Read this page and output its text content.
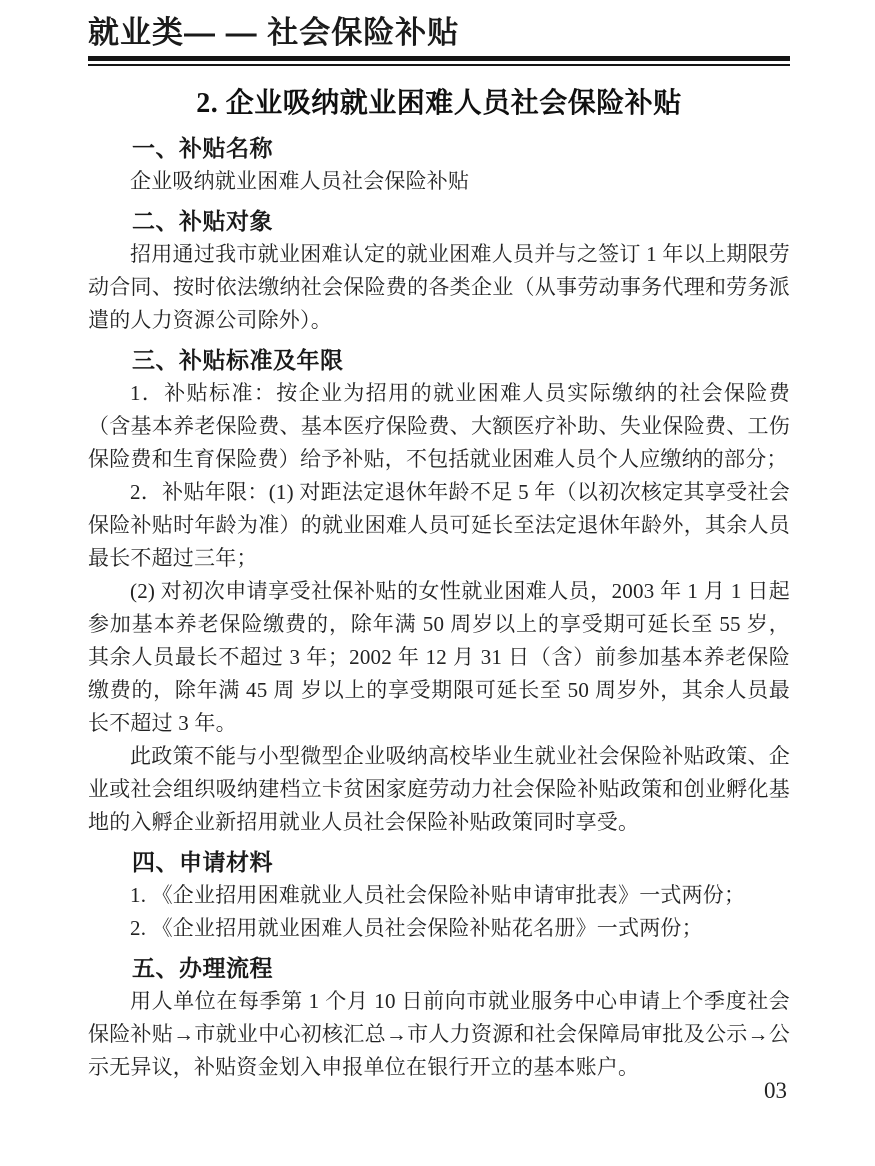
就业类— — 社会保险补贴
2. 企业吸纳就业困难人员社会保险补贴
一、补贴名称

企业吸纳就业困难人员社会保险补贴

二、补贴对象

招用通过我市就业困难认定的就业困难人员并与之签订 1 年以上期限劳动合同、按时依法缴纳社会保险费的各类企业（从事劳动事务代理和劳务派遣的人力资源公司除外）。

三、补贴标准及年限

1．补贴标准：按企业为招用的就业困难人员实际缴纳的社会保险费（含基本养老保险费、基本医疗保险费、大额医疗补助、失业保险费、工伤保险费和生育保险费）给予补贴，不包括就业困难人员个人应缴纳的部分；

2．补贴年限：(1) 对距法定退休年龄不足 5 年（以初次核定其享受社会保险补贴时年龄为准）的就业困难人员可延长至法定退休年龄外，其余人员最长不超过三年；

(2) 对初次申请享受社保补贴的女性就业困难人员，2003 年 1 月 1 日起参加基本养老保险缴费的，除年满 50 周岁以上的享受期可延长至 55 岁， 其余人员最长不超过 3 年；2002 年 12 月 31 日（含）前参加基本养老保险缴费的，除年满 45 周 岁以上的享受期限可延长至 50 周岁外，其余人员最长不超过 3 年。

此政策不能与小型微型企业吸纳高校毕业生就业社会保险补贴政策、企业或社会组织吸纳建档立卡贫困家庭劳动力社会保险补贴政策和创业孵化基地的入孵企业新招用就业人员社会保险补贴政策同时享受。

四、申请材料

1. 《企业招用困难就业人员社会保险补贴申请审批表》一式两份；

2. 《企业招用就业困难人员社会保险补贴花名册》一式两份；

五、办理流程

用人单位在每季第 1 个月 10 日前向市就业服务中心申请上个季度社会保险补贴→市就业中心初核汇总→市人力资源和社会保障局审批及公示→公示无异议，补贴资金划入申报单位在银行开立的基本账户。

03
